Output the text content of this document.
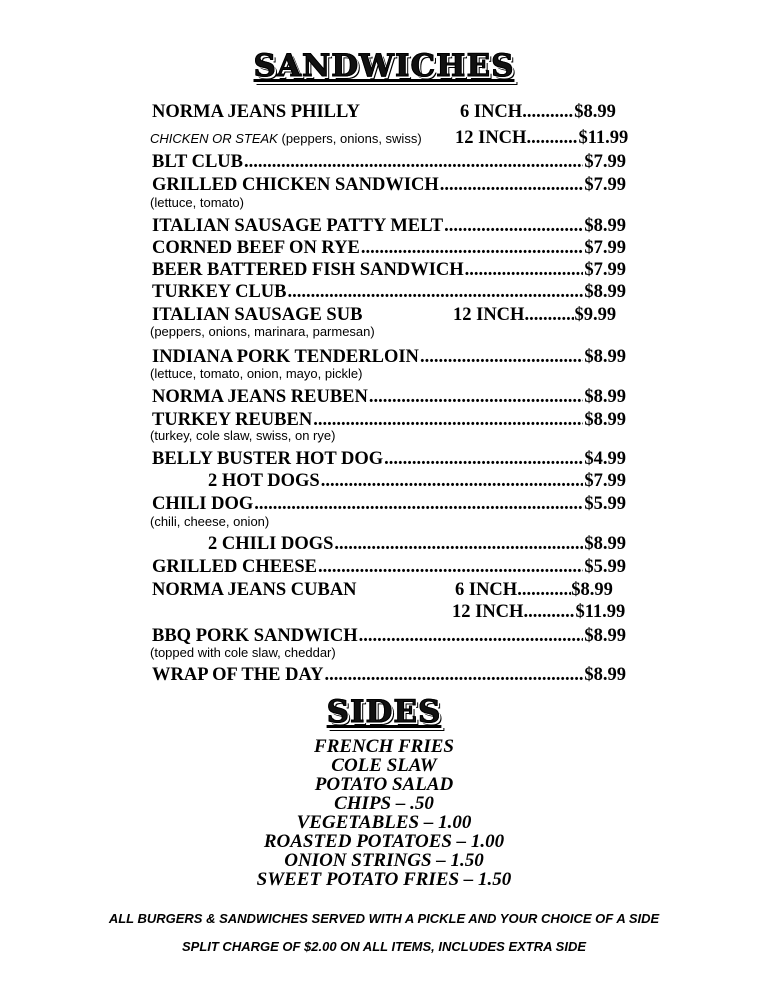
SANDWICHES
NORMA JEANS PHILLY	6 INCH .....	$8.99
CHICKEN OR STEAK (peppers, onions, swiss) 12 INCH .....	$11.99
BLT CLUB .....	$7.99
GRILLED CHICKEN SANDWICH .....	$7.99
(lettuce, tomato)
ITALIAN SAUSAGE PATTY MELT .....	$8.99
CORNED BEEF ON RYE .....	$7.99
BEER BATTERED FISH SANDWICH .....	$7.99
TURKEY CLUB .....	$8.99
ITALIAN SAUSAGE SUB	12 INCH .....	$9.99
(peppers, onions, marinara, parmesan)
INDIANA PORK TENDERLOIN .....	$8.99
(lettuce, tomato, onion, mayo, pickle)
NORMA JEANS REUBEN .....	$8.99
TURKEY REUBEN .....	$8.99
(turkey, cole slaw, swiss, on rye)
BELLY BUSTER HOT DOG .....	$4.99
2 HOT DOGS .....	$7.99
CHILI DOG .....	$5.99
(chili, cheese, onion)
2 CHILI DOGS .....	$8.99
GRILLED CHEESE .....	$5.99
NORMA JEANS CUBAN	6 INCH .....	$8.99
12 INCH .....	$11.99
BBQ PORK SANDWICH .....	$8.99
(topped with cole slaw, cheddar)
WRAP OF THE DAY .....	$8.99
SIDES
FRENCH FRIES
COLE SLAW
POTATO SALAD
CHIPS – .50
VEGETABLES – 1.00
ROASTED POTATOES – 1.00
ONION STRINGS – 1.50
SWEET POTATO FRIES – 1.50
ALL BURGERS & SANDWICHES SERVED WITH A PICKLE AND YOUR CHOICE OF A SIDE
SPLIT CHARGE OF $2.00 ON ALL ITEMS, INCLUDES EXTRA SIDE
